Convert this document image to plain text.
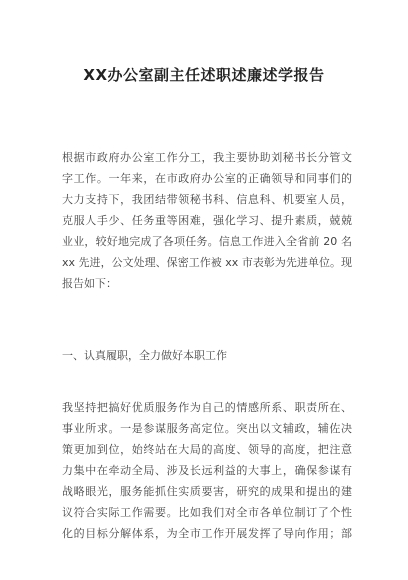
XX办公室副主任述职述廉述学报告
根据市政府办公室工作分工，我主要协助刘秘书长分管文
字工作。一年来，在市政府办公室的正确领导和同事们的
大力支持下，我团结带领秘书科、信息科、机要室人员，
克服人手少、任务重等困难，强化学习、提升素质，兢兢
业业，较好地完成了各项任务。信息工作进入全省前 20 名
xx 先进，公文处理、保密工作被 xx 市表彰为先进单位。现
报告如下：
一、认真履职，全力做好本职工作
我坚持把搞好优质服务作为自己的情感所系、职责所在、
事业所求。一是参谋服务高定位。突出以文辅政，辅佐决
策更加到位，始终站在大局的高度、领导的高度，把注意
力集中在牵动全局、涉及长远利益的大事上，确保参谋有
战略眼光，服务能抓住实质要害，研究的成果和提出的建
议符合实际工作需要。比如我们对全市各单位制订了个性
化的目标分解体系，为全市工作开展发挥了导向作用；部
